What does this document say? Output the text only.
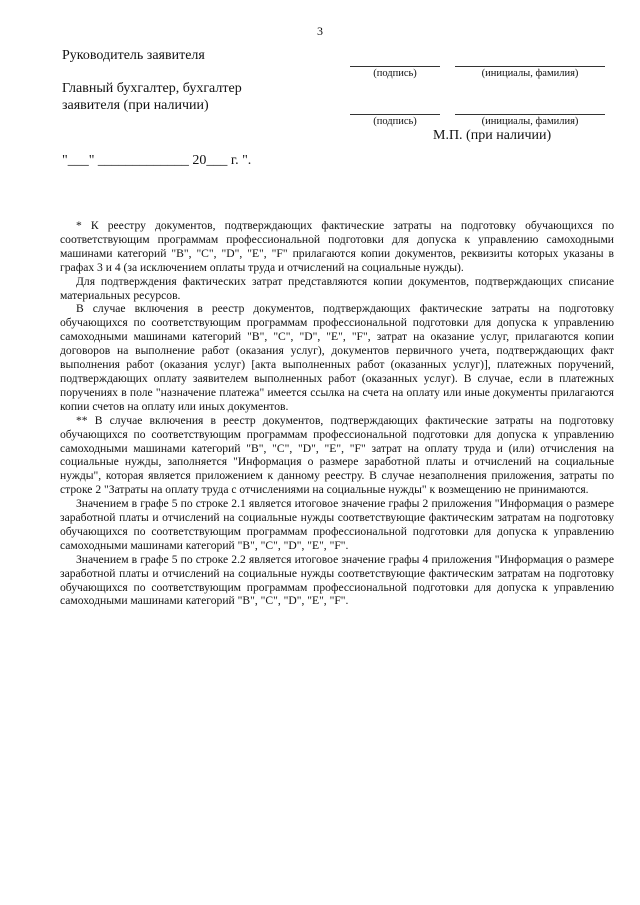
3
Руководитель заявителя
(подпись)	(инициалы, фамилия)
Главный бухгалтер, бухгалтер
заявителя (при наличии)
(подпись)	(инициалы, фамилия)
М.П. (при наличии)
"___" _____________ 20___ г. ".

* К реестру документов, подтверждающих фактические затраты на подготовку обучающихся по соответствующим программам профессиональной подготовки для допуска к управлению самоходными машинами категорий "B", "C", "D", "E", "F" прилагаются копии документов, реквизиты которых указаны в графах 3 и 4 (за исключением оплаты труда и отчислений на социальные нужды).

Для подтверждения фактических затрат представляются копии документов, подтверждающих списание материальных ресурсов.

В случае включения в реестр документов, подтверждающих фактические затраты на подготовку обучающихся по соответствующим программам профессиональной подготовки для допуска к управлению самоходными машинами категорий "B", "C", "D", "E", "F", затрат на оказание услуг, прилагаются копии договоров на выполнение работ (оказания услуг), документов первичного учета, подтверждающих факт выполнения работ (оказания услуг) [акта выполненных работ (оказанных услуг)], платежных поручений, подтверждающих оплату заявителем выполненных работ (оказанных услуг). В случае, если в платежных поручениях в поле "назначение платежа" имеется ссылка на счета на оплату или иные документы прилагаются копии счетов на оплату или иных документов.

** В случае включения в реестр документов, подтверждающих фактические затраты на подготовку обучающихся по соответствующим программам профессиональной подготовки для допуска к управлению самоходными машинами категорий "B", "C", "D", "E", "F" затрат на оплату труда и (или) отчисления на социальные нужды, заполняется "Информация о размере заработной платы и отчислений на социальные нужды", которая является приложением к данному реестру. В случае незаполнения приложения, затраты по строке 2 "Затраты на оплату труда с отчислениями на социальные нужды" к возмещению не принимаются.

Значением в графе 5 по строке 2.1 является итоговое значение графы 2 приложения "Информация о размере заработной платы и отчислений на социальные нужды соответствующие фактическим затратам на подготовку обучающихся по соответствующим программам профессиональной подготовки для допуска к управлению самоходными машинами категорий "B", "C", "D", "E", "F".

Значением в графе 5 по строке 2.2 является итоговое значение графы 4 приложения "Информация о размере заработной платы и отчислений на социальные нужды соответствующие фактическим затратам на подготовку обучающихся по соответствующим программам профессиональной подготовки для допуска к управлению самоходными машинами категорий "B", "C", "D", "E", "F".
